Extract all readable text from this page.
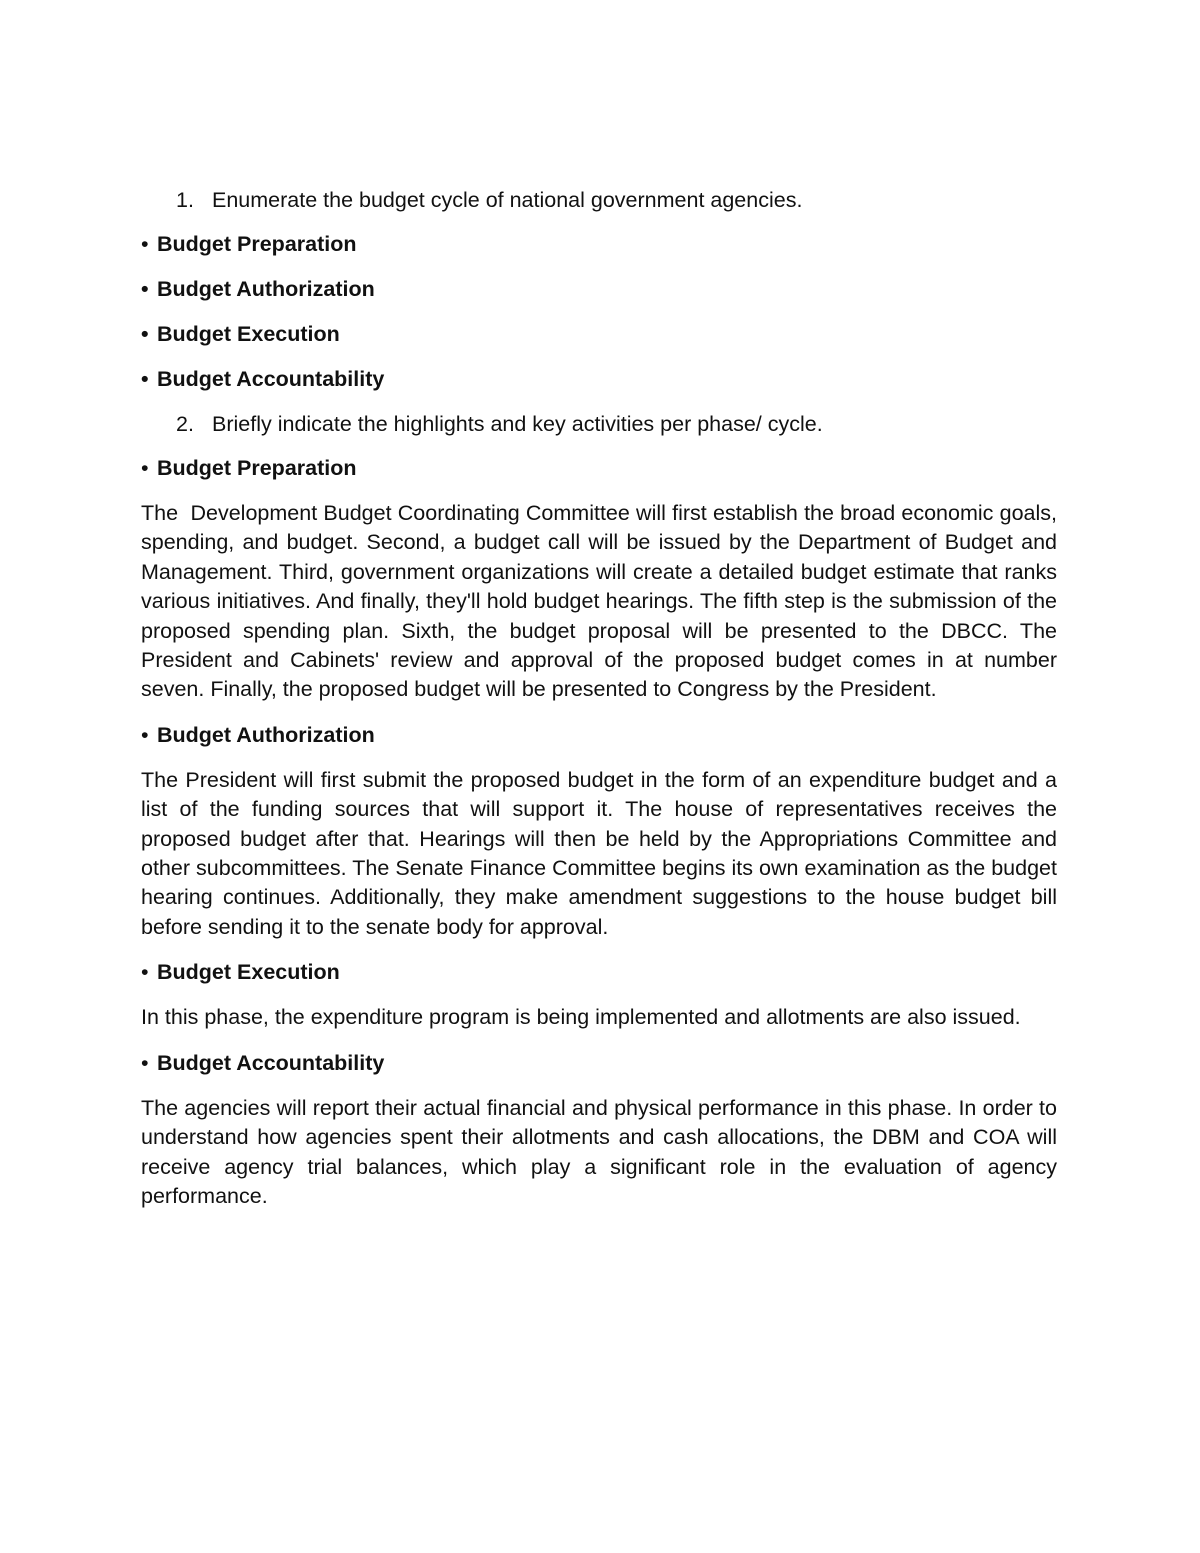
1. Enumerate the budget cycle of national government agencies.
• Budget Preparation
• Budget Authorization
• Budget Execution
• Budget Accountability
2. Briefly indicate the highlights and key activities per phase/ cycle.
• Budget Preparation

The  Development Budget Coordinating Committee will first establish the broad economic goals, spending, and budget. Second, a budget call will be issued by the Department of Budget and Management. Third, government organizations will create a detailed budget estimate that ranks various initiatives. And finally, they'll hold budget hearings. The fifth step is the submission of the proposed spending plan. Sixth, the budget proposal will be presented to the DBCC. The President and Cabinets' review and approval of the proposed budget comes in at number seven. Finally, the proposed budget will be presented to Congress by the President.

• Budget Authorization

The President will first submit the proposed budget in the form of an expenditure budget and a list of the funding sources that will support it. The house of representatives receives the proposed budget after that. Hearings will then be held by the Appropriations Committee and other subcommittees. The Senate Finance Committee begins its own examination as the budget hearing continues. Additionally, they make amendment suggestions to the house budget bill before sending it to the senate body for approval.

• Budget Execution

In this phase, the expenditure program is being implemented and allotments are also issued.

• Budget Accountability

The agencies will report their actual financial and physical performance in this phase. In order to understand how agencies spent their allotments and cash allocations, the DBM and COA will receive agency trial balances, which play a significant role in the evaluation of agency performance.
